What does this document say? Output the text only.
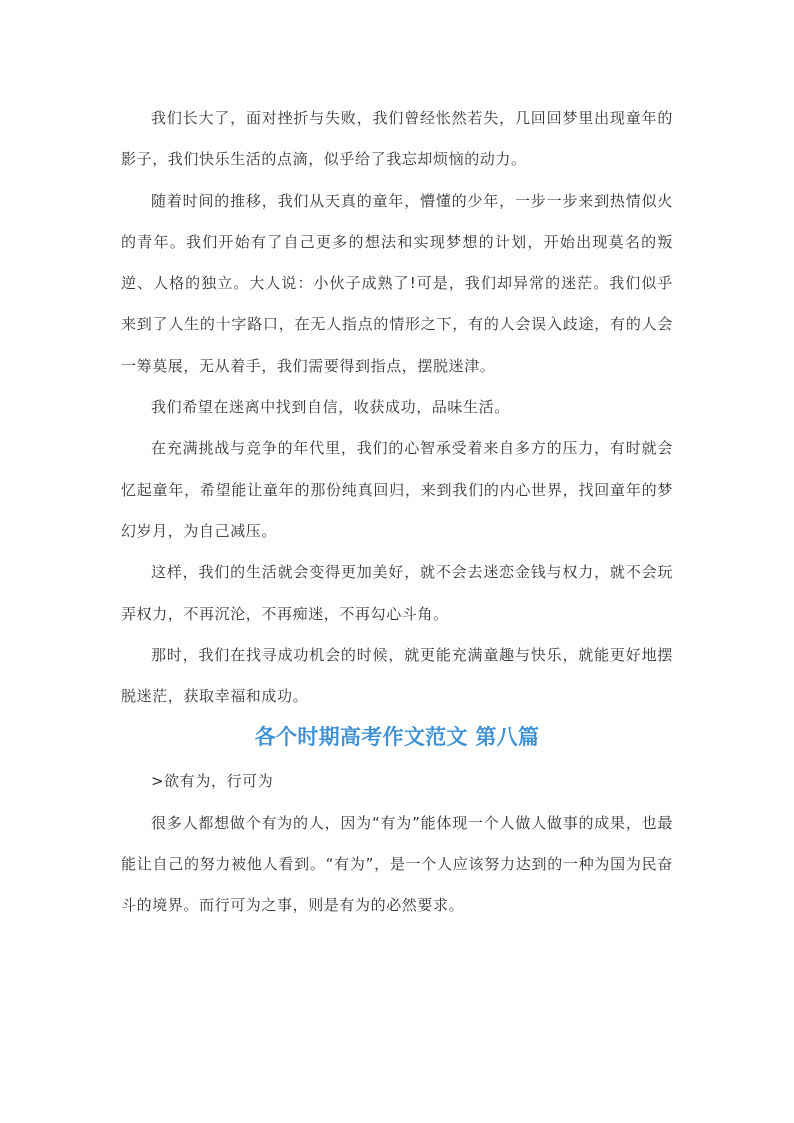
我们长大了，面对挫折与失败，我们曾经怅然若失，几回回梦里出现童年的影子，我们快乐生活的点滴，似乎给了我忘却烦恼的动力。

随着时间的推移，我们从天真的童年，懵懂的少年，一步一步来到热情似火的青年。我们开始有了自己更多的想法和实现梦想的计划，开始出现莫名的叛逆、人格的独立。大人说：小伙子成熟了!可是，我们却异常的迷茫。我们似乎来到了人生的十字路口，在无人指点的情形之下，有的人会误入歧途，有的人会一筹莫展，无从着手，我们需要得到指点，摆脱迷津。

我们希望在迷离中找到自信，收获成功，品味生活。

在充满挑战与竞争的年代里，我们的心智承受着来自多方的压力，有时就会忆起童年，希望能让童年的那份纯真回归，来到我们的内心世界，找回童年的梦幻岁月，为自己减压。

这样，我们的生活就会变得更加美好，就不会去迷恋金钱与权力，就不会玩弄权力，不再沉沦，不再痴迷，不再勾心斗角。

那时，我们在找寻成功机会的时候，就更能充满童趣与快乐，就能更好地摆脱迷茫，获取幸福和成功。

各个时期高考作文范文 第八篇

>欲有为，行可为

很多人都想做个有为的人，因为“有为”能体现一个人做人做事的成果，也最能让自己的努力被他人看到。“有为”，是一个人应该努力达到的一种为国为民奋斗的境界。而行可为之事，则是有为的必然要求。
